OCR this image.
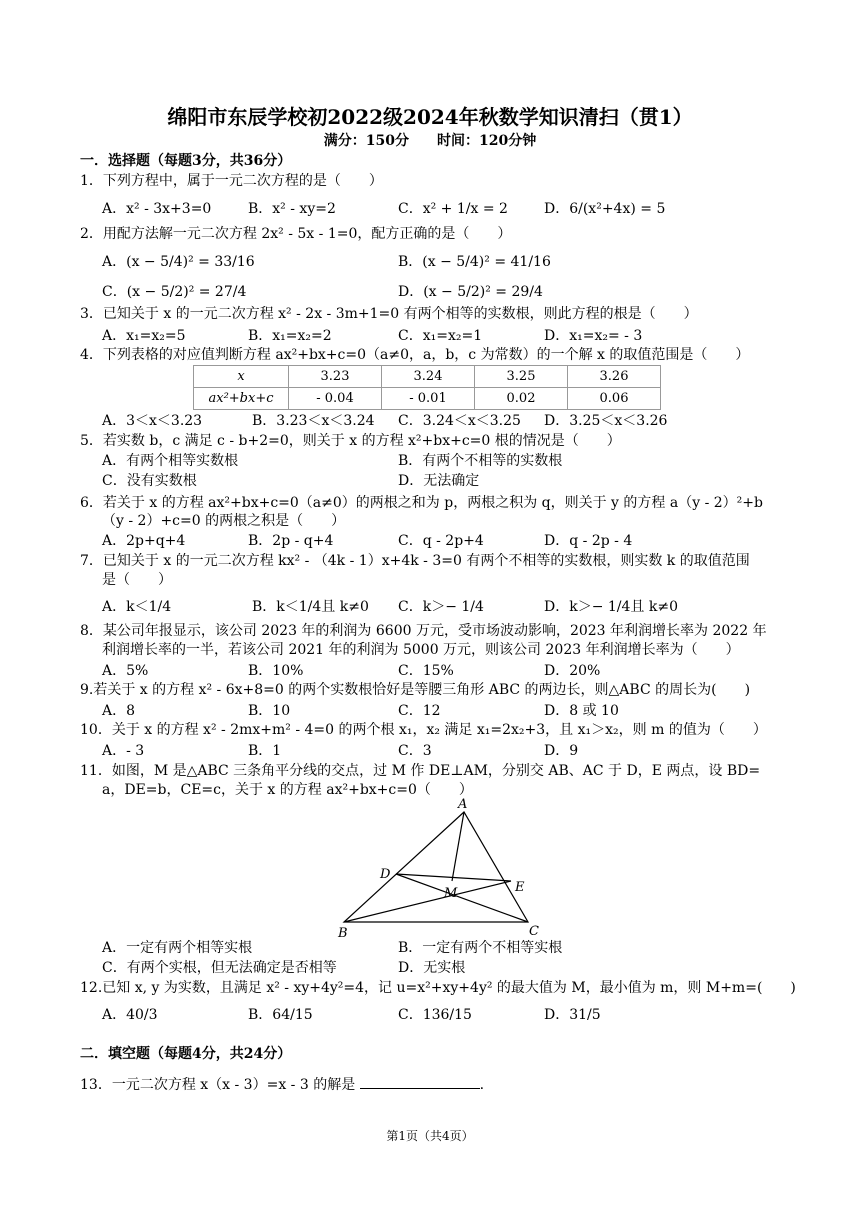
绵阳市东辰学校初2022级2024年秋数学知识清扫（贯1）
满分：150分　　时间：120分钟
一．选择题（每题3分，共36分）
1．下列方程中，属于一元二次方程的是（　　）
A．x² - 3x+3=0	B．x² - xy=2	C．x² + 1/x = 2	D．6/(x²+4x) = 5
2．用配方法解一元二次方程 2x² - 5x - 1=0，配方正确的是（　　）
A．(x − 5/4)² = 33/16	B．(x − 5/4)² = 41/16
C．(x − 5/2)² = 27/4	D．(x − 5/2)² = 29/4
3．已知关于 x 的一元二次方程 x² - 2x - 3m+1=0 有两个相等的实数根，则此方程的根是（　　）
A．x₁=x₂=5	B．x₁=x₂=2	C．x₁=x₂=1	D．x₁=x₂= - 3
4．下列表格的对应值判断方程 ax²+bx+c=0（a≠0，a，b，c 为常数）的一个解 x 的取值范围是（　　）
x	3.23	3.24	3.25	3.26
ax²+bx+c	- 0.04	- 0.01	0.02	0.06
A．3＜x＜3.23	B．3.23＜x＜3.24 C．3.24＜x＜3.25 D．3.25＜x＜3.26
5．若实数 b，c 满足 c - b+2=0，则关于 x 的方程 x²+bx+c=0 根的情况是（　　）
A．有两个相等实数根	B．有两个不相等的实数根
C．没有实数根	D．无法确定
6．若关于 x 的方程 ax²+bx+c=0（a≠0）的两根之和为 p，两根之积为 q，则关于 y 的方程 a（y - 2）²+b
（y - 2）+c=0 的两根之积是（　　）
A．2p+q+4	B．2p - q+4	C．q - 2p+4	D．q - 2p - 4
7．已知关于 x 的一元二次方程 kx² - （4k - 1）x+4k - 3=0 有两个不相等的实数根，则实数 k 的取值范围
是（　　）
A．k＜1/4	B．k＜1/4且 k≠0 C．k＞− 1/4	D．k＞− 1/4且 k≠0
8．某公司年报显示，该公司 2023 年的利润为 6600 万元，受市场波动影响，2023 年利润增长率为 2022 年
利润增长率的一半，若该公司 2021 年的利润为 5000 万元，则该公司 2023 年利润增长率为（　　）
A．5%	B．10%	C．15%	D．20%
9.若关于 x 的方程 x² - 6x+8=0 的两个实数根恰好是等腰三角形 ABC 的两边长，则△ABC 的周长为(　　)
A．8	B．10	C．12	D．8 或 10
10．关于 x 的方程 x² - 2mx+m² - 4=0 的两个根 x₁，x₂ 满足 x₁=2x₂+3，且 x₁＞x₂，则 m 的值为（　　）
A．- 3	B．1	C．3	D．9
11．如图，M 是△ABC 三条角平分线的交点，过 M 作 DE⊥AM，分别交 AB、AC 于 D，E 两点，设 BD=
a，DE=b，CE=c，关于 x 的方程 ax²+bx+c=0（　　）
A
B	C
D
E
M
A．一定有两个相等实根	B．一定有两个不相等实根
C．有两个实根，但无法确定是否相等	D．无实根
12.已知 x, y 为实数，且满足 x² - xy+4y²=4，记 u=x²+xy+4y² 的最大值为 M，最小值为 m，则 M+m=(　　)
A．40/3	B．64/15	C．136/15	D．31/5
二．填空题（每题4分，共24分）
13．一元二次方程 x（x - 3）=x - 3 的解是	.
第1页（共4页）
